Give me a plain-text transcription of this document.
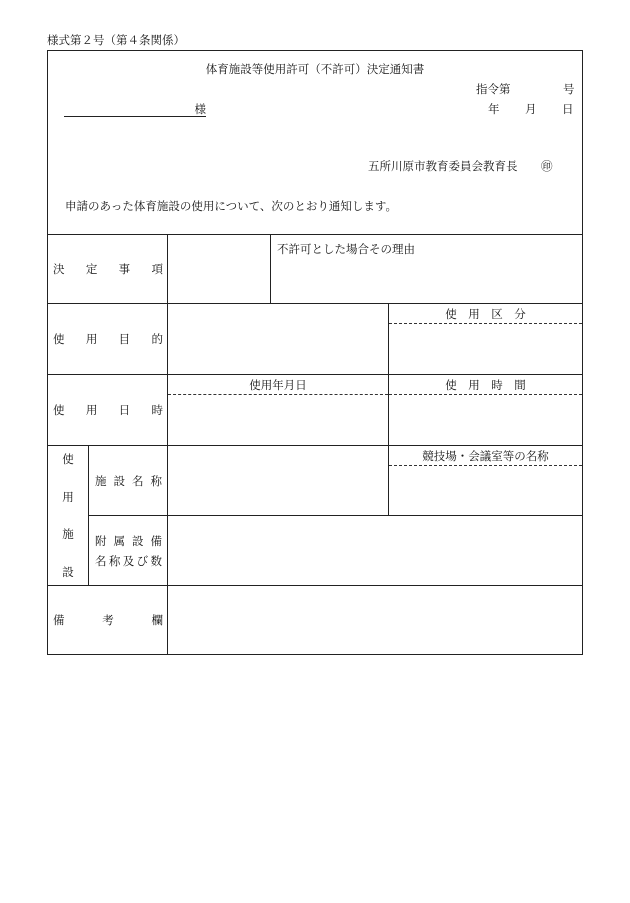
様式第２号（第４条関係）
体育施設等使用許可（不許可）決定通知書
指令第	号
年 月 日
様
五所川原市教育委員会教育長 ㊞
申請のあった体育施設の使用について、次のとおり通知します。
決定事項
不許可とした場合その理由
使用目的
使　用　区　分
使用日時
使用年月日	使　用　時　間
使
用
施
設
施設名称
競技場・会議室等の名称
附属設備
名称及び数
備考欄
